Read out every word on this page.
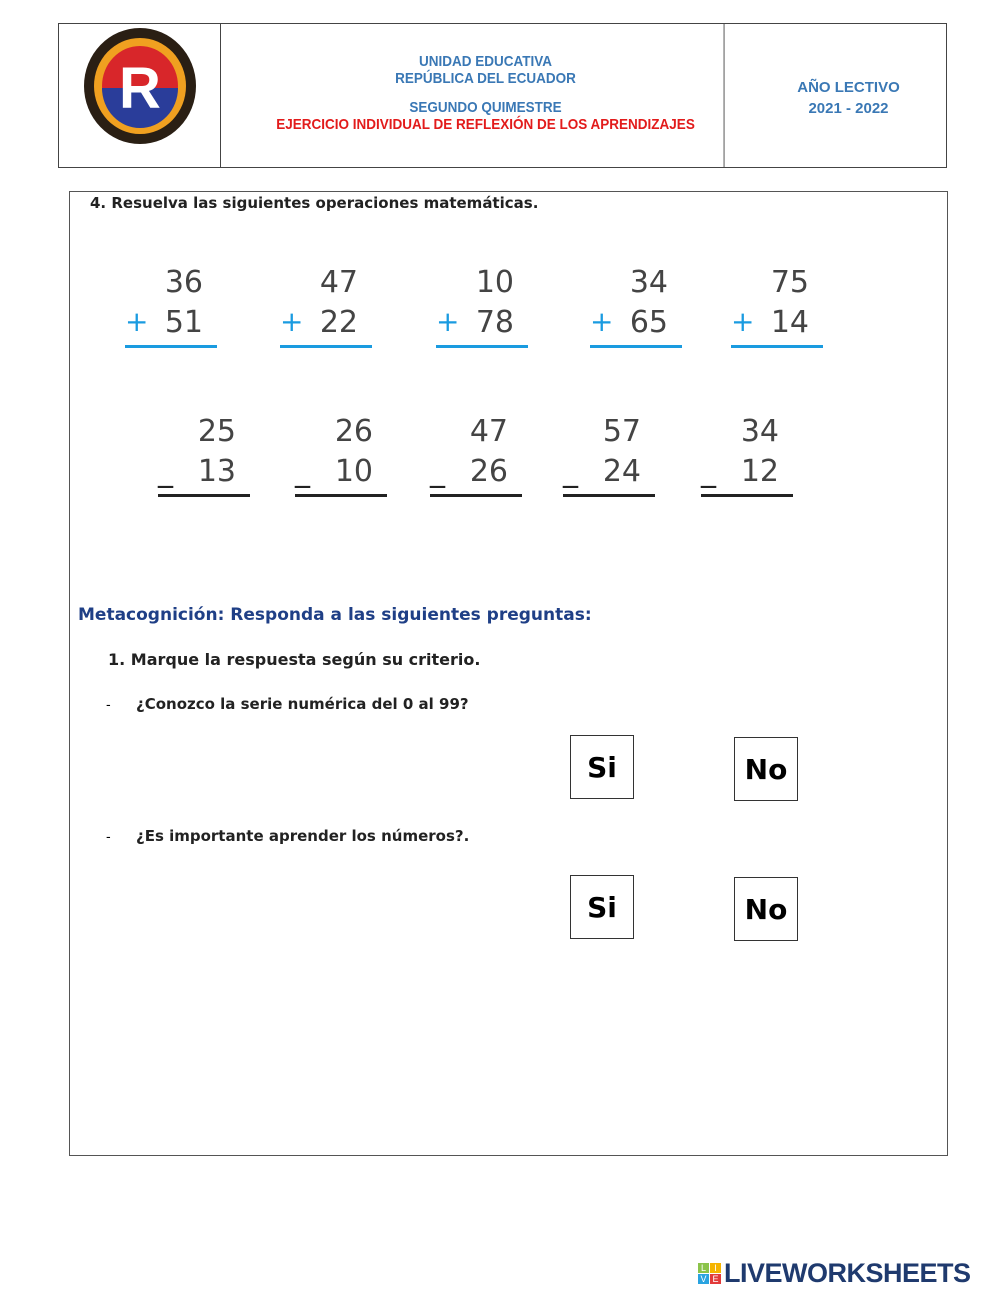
R	UNIDAD EDUCATIVA
REPÚBLICA DEL ECUADOR
SEGUNDO QUIMESTRE
EJERCICIO INDIVIDUAL DE REFLEXIÓN DE LOS APRENDIZAJES
AÑO LECTIVO
2021 - 2022
4. Resuelva las siguientes operaciones matemáticas.
36
+ 51
47
+ 22
10
+ 78
34
+ 65
75
+ 14
25
_ 13
26
_ 10
47
_ 26
57
_ 24
34
_ 12
Metacognición: Responda a las siguientes preguntas:
1. Marque la respuesta según su criterio.
- ¿Conozco la serie numérica del 0 al 99?
- ¿Es importante aprender los números?.
Si	No
Si	No
L I
V E LIVEWORKSHEETS
